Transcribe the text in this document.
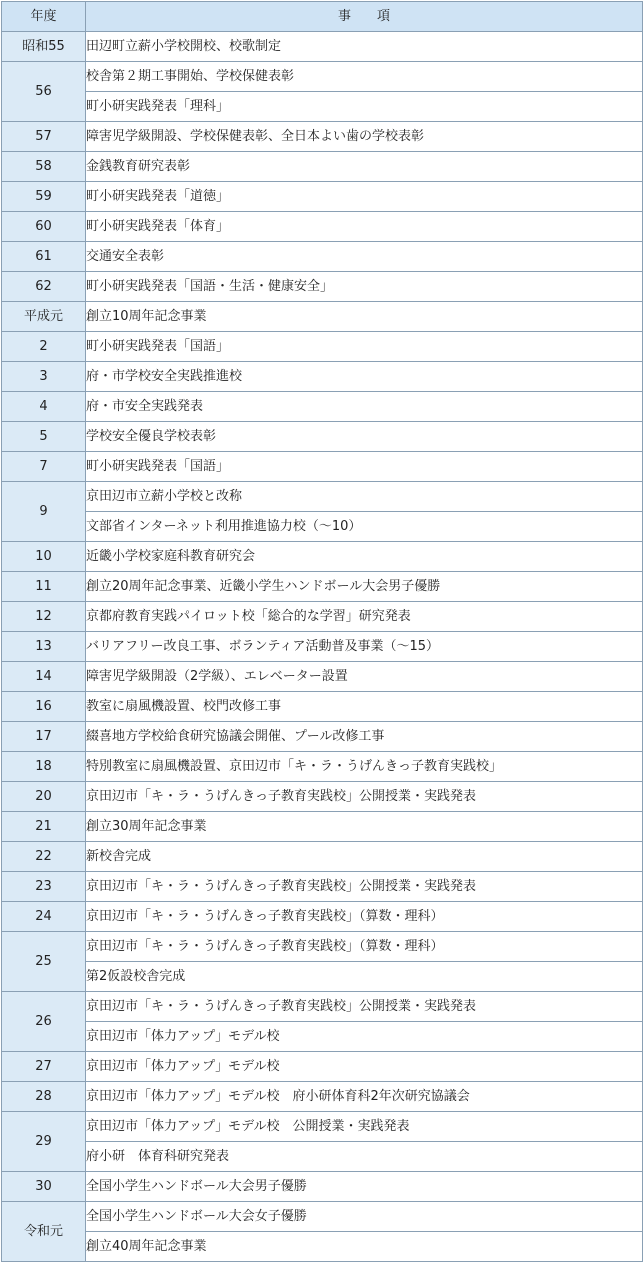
年度	事　　項
昭和55	田辺町立薪小学校開校、校歌制定
56	校舎第２期工事開始、学校保健表彰
	町小研実践発表「理科」
57	障害児学級開設、学校保健表彰、全日本よい歯の学校表彰
58	金銭教育研究表彰
59	町小研実践発表「道徳」
60	町小研実践発表「体育」
61	交通安全表彰
62	町小研実践発表「国語・生活・健康安全」
平成元	創立10周年記念事業
2	町小研実践発表「国語」
3	府・市学校安全実践推進校
4	府・市安全実践発表
5	学校安全優良学校表彰
7	町小研実践発表「国語」
9	京田辺市立薪小学校と改称
	文部省インターネット利用推進協力校（～10）
10	近畿小学校家庭科教育研究会
11	創立20周年記念事業、近畿小学生ハンドボール大会男子優勝
12	京都府教育実践パイロット校「総合的な学習」研究発表
13	バリアフリー改良工事、ボランティア活動普及事業（～15）
14	障害児学級開設（2学級）、エレベーター設置
16	教室に扇風機設置、校門改修工事
17	綴喜地方学校給食研究協議会開催、プール改修工事
18	特別教室に扇風機設置、京田辺市「キ・ラ・うげんきっ子教育実践校」
20	京田辺市「キ・ラ・うげんきっ子教育実践校」公開授業・実践発表
21	創立30周年記念事業
22	新校舎完成
23	京田辺市「キ・ラ・うげんきっ子教育実践校」公開授業・実践発表
24	京田辺市「キ・ラ・うげんきっ子教育実践校」（算数・理科）
25	京田辺市「キ・ラ・うげんきっ子教育実践校」（算数・理科）
	第2仮設校舎完成
26	京田辺市「キ・ラ・うげんきっ子教育実践校」公開授業・実践発表
	京田辺市「体力アップ」モデル校
27	京田辺市「体力アップ」モデル校
28	京田辺市「体力アップ」モデル校　府小研体育科2年次研究協議会
29	京田辺市「体力アップ」モデル校　公開授業・実践発表
	府小研　体育科研究発表
30	全国小学生ハンドボール大会男子優勝
令和元	全国小学生ハンドボール大会女子優勝
	創立40周年記念事業
